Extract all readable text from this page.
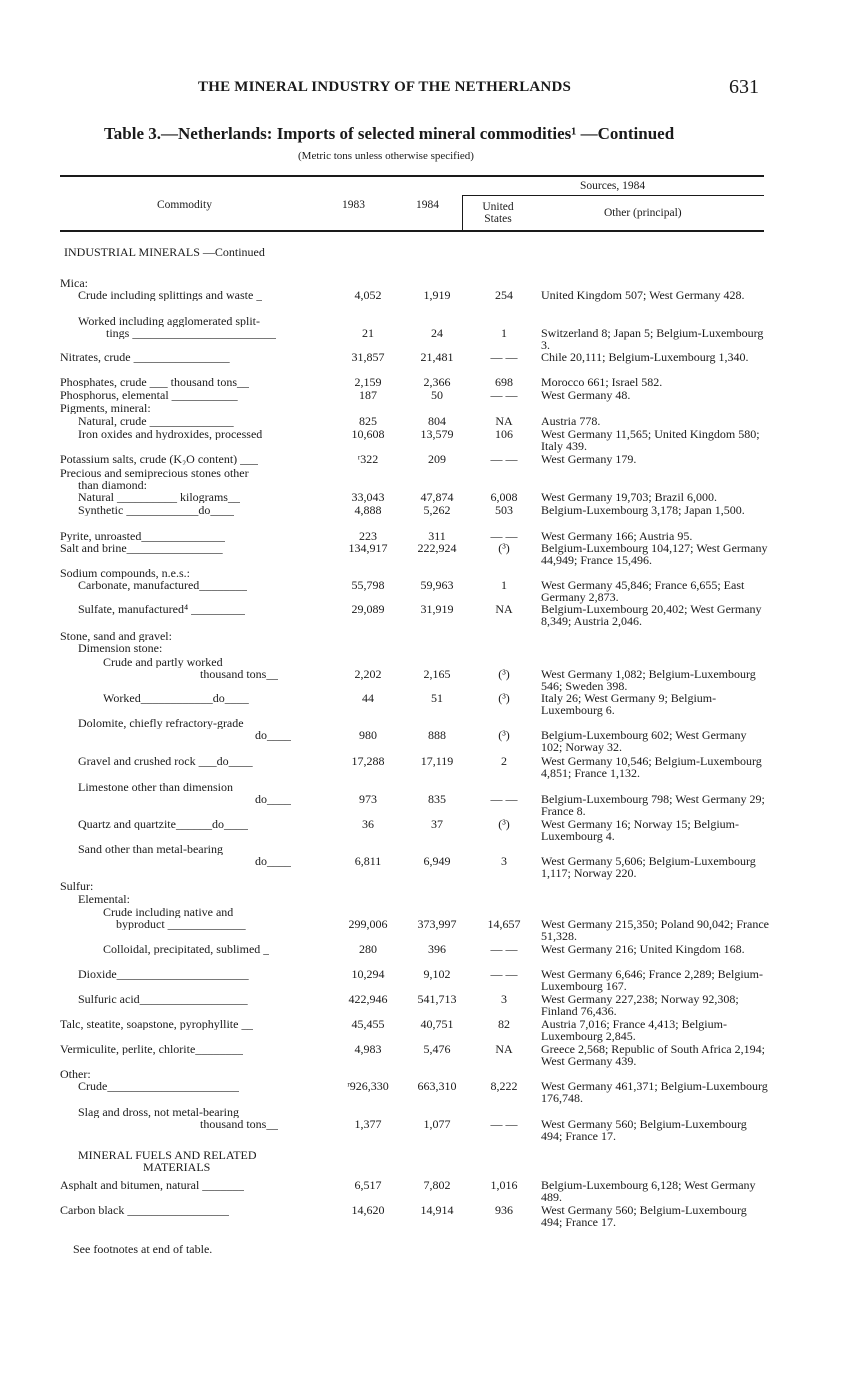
THE MINERAL INDUSTRY OF THE NETHERLANDS	631
Table 3.—Netherlands: Imports of selected mineral commodities¹ —Continued
(Metric tons unless otherwise specified)
Sources, 1984
Commodity	1983	1984	United States	Other (principal)
INDUSTRIAL MINERALS —Continued
Mica:
Crude including splittings and waste _	4,052	1,919	254	United Kingdom 507; West Germany 428.
Worked including agglomerated split-
tings ________________________	21	24	1	Switzerland 8; Japan 5; Belgium-Luxembourg 3.
Nitrates, crude ________________	31,857	21,481	— —	Chile 20,111; Belgium-Luxembourg 1,340.
Phosphates, crude ___ thousand tons__	2,159	2,366	698	Morocco 661; Israel 582.
Phosphorus, elemental ___________	187	50	— —	West Germany 48.
Pigments, mineral:
Natural, crude ______________	825	804	NA	Austria 778.
Iron oxides and hydroxides, processed	10,608	13,579	106	West Germany 11,565; United Kingdom 580; Italy 439.
Potassium salts, crude (K₂O content) ___	ʳ322	209	— —	West Germany 179.
Precious and semiprecious stones other
than diamond:
Natural __________ kilograms__	33,043	47,874	6,008	West Germany 19,703; Brazil 6,000.
Synthetic ____________do____	4,888	5,262	503	Belgium-Luxembourg 3,178; Japan 1,500.
Pyrite, unroasted______________	223	311	— —	West Germany 166; Austria 95.
Salt and brine________________	134,917	222,924	(³)	Belgium-Luxembourg 104,127; West Germany 44,949; France 15,496.
Sodium compounds, n.e.s.:
Carbonate, manufactured________	55,798	59,963	1	West Germany 45,846; France 6,655; East Germany 2,873.
Sulfate, manufactured⁴ _________	29,089	31,919	NA	Belgium-Luxembourg 20,402; West Germany 8,349; Austria 2,046.
Stone, sand and gravel:
Dimension stone:
Crude and partly worked
thousand tons__	2,202	2,165	(³)	West Germany 1,082; Belgium-Luxembourg 546; Sweden 398.
Worked____________do____	44	51	(³)	Italy 26; West Germany 9; Belgium-Luxembourg 6.
Dolomite, chiefly refractory-grade
do____	980	888	(³)	Belgium-Luxembourg 602; West Germany 102; Norway 32.
Gravel and crushed rock ___do____	17,288	17,119	2	West Germany 10,546; Belgium-Luxembourg 4,851; France 1,132.
Limestone other than dimension
do____	973	835	— —	Belgium-Luxembourg 798; West Germany 29; France 8.
Quartz and quartzite______do____	36	37	(³)	West Germany 16; Norway 15; Belgium-Luxembourg 4.
Sand other than metal-bearing
do____	6,811	6,949	3	West Germany 5,606; Belgium-Luxembourg 1,117; Norway 220.
Sulfur:
Elemental:
Crude including native and
byproduct _____________	299,006	373,997	14,657	West Germany 215,350; Poland 90,042; France 51,328.
Colloidal, precipitated, sublimed _	280	396	— —	West Germany 216; United Kingdom 168.
Dioxide______________________	10,294	9,102	— —	West Germany 6,646; France 2,289; Belgium-Luxembourg 167.
Sulfuric acid__________________	422,946	541,713	3	West Germany 227,238; Norway 92,308; Finland 76,436.
Talc, steatite, soapstone, pyrophyllite __	45,455	40,751	82	Austria 7,016; France 4,413; Belgium-Luxembourg 2,845.
Vermiculite, perlite, chlorite________	4,983	5,476	NA	Greece 2,568; Republic of South Africa 2,194; West Germany 439.
Other:
Crude______________________	ʳ926,330	663,310	8,222	West Germany 461,371; Belgium-Luxembourg 176,748.
Slag and dross, not metal-bearing
thousand tons__	1,377	1,077	— —	West Germany 560; Belgium-Luxembourg 494; France 17.
MINERAL FUELS AND RELATED
MATERIALS
Asphalt and bitumen, natural _______	6,517	7,802	1,016	Belgium-Luxembourg 6,128; West Germany 489.
Carbon black _________________	14,620	14,914	936	West Germany 560; Belgium-Luxembourg 494; France 17.
See footnotes at end of table.
